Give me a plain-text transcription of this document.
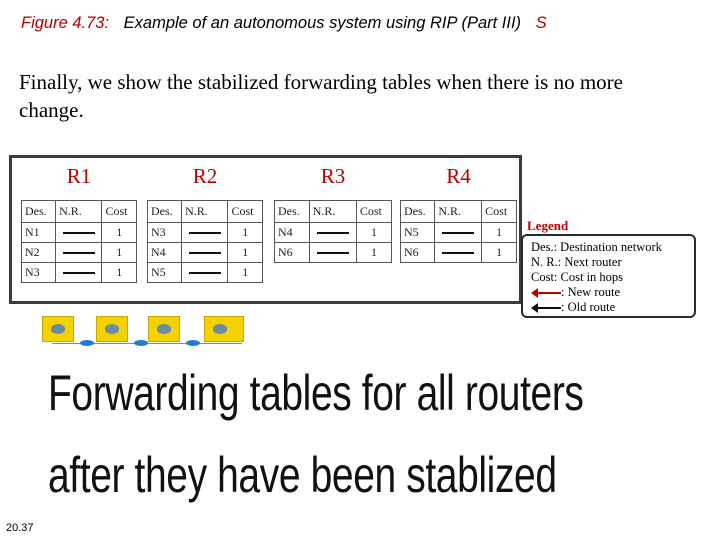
Figure 4.73: Example of an autonomous system using RIP (Part III) S

Finally, we show the stabilized forwarding tables when there is no more change.

R1
Des.	N.R.	Cost
N1		1
N2		1
N3		1
R2
Des.	N.R.	Cost
N3		1
N4		1
N5		1
R3
Des.	N.R.	Cost
N4		1
N6		1
R4
Des.	N.R.	Cost
N5		1
N6		1
Legend
Des.: Destination network
N. R.: Next router
Cost: Cost in hops
: New route
: Old route
Forwarding tables for all routers
after they have been stablized
20.37
